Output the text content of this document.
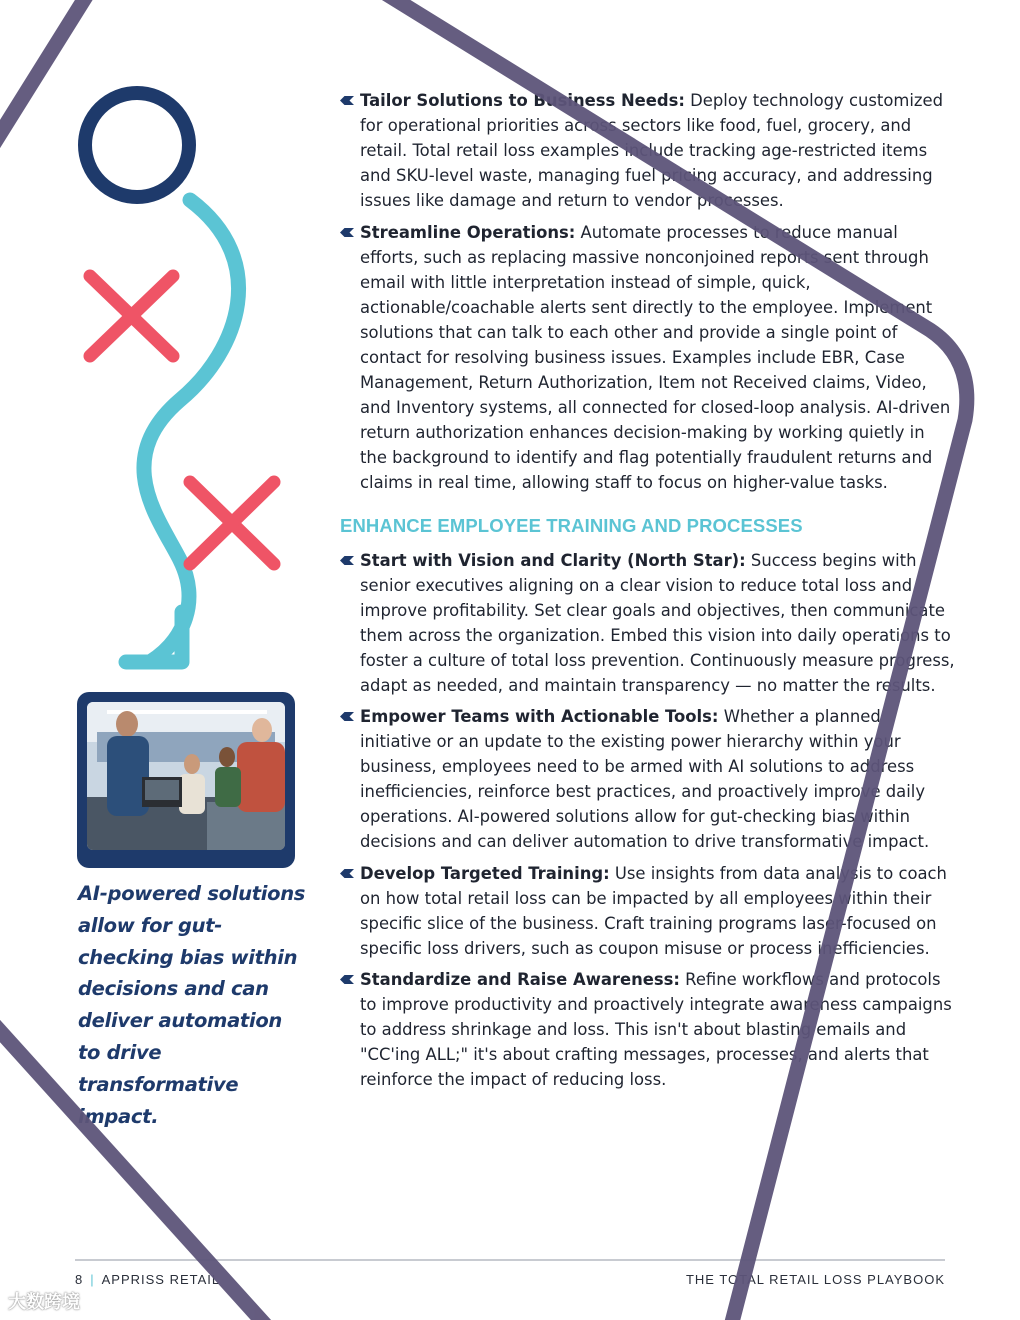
AI-powered solutions allow for gut-checking bias within decisions and can deliver automation to drive transformative impact.
Tailor Solutions to Business Needs: Deploy technology customized for operational priorities across sectors like food, fuel, grocery, and retail. Total retail loss examples include tracking age-restricted items and SKU-level waste, managing fuel pricing accuracy, and addressing issues like damage and return to vendor processes.
Streamline Operations: Automate processes to reduce manual efforts, such as replacing massive nonconjoined reports sent through email with little interpretation instead of simple, quick, actionable/coachable alerts sent directly to the employee. Implement solutions that can talk to each other and provide a single point of contact for resolving business issues. Examples include EBR, Case Management, Return Authorization, Item not Received claims, Video, and Inventory systems, all connected for closed-loop analysis. AI-driven return authorization enhances decision-making by working quietly in the background to identify and flag potentially fraudulent returns and claims in real time, allowing staff to focus on higher-value tasks.
ENHANCE EMPLOYEE TRAINING AND PROCESSES
Start with Vision and Clarity (North Star): Success begins with senior executives aligning on a clear vision to reduce total loss and improve profitability. Set clear goals and objectives, then communicate them across the organization. Embed this vision into daily operations to foster a culture of total loss prevention. Continuously measure progress, adapt as needed, and maintain transparency — no matter the results.
Empower Teams with Actionable Tools: Whether a planned initiative or an update to the existing power hierarchy within your business, employees need to be armed with AI solutions to address inefficiencies, reinforce best practices, and proactively improve daily operations. AI-powered solutions allow for gut-checking bias within decisions and can deliver automation to drive transformative impact.
Develop Targeted Training: Use insights from data analysis to coach on how total retail loss can be impacted by all employees within their specific slice of the business. Craft training programs laser-focused on specific loss drivers, such as coupon misuse or process inefficiencies.
Standardize and Raise Awareness: Refine workflows and protocols to improve productivity and proactively integrate awareness campaigns to address shrinkage and loss. This isn't about blasting emails and "CC'ing ALL;" it's about crafting messages, processes, and alerts that reinforce the impact of reducing loss.
8 | APPRISS RETAIL	THE TOTAL RETAIL LOSS PLAYBOOK
大数跨境
